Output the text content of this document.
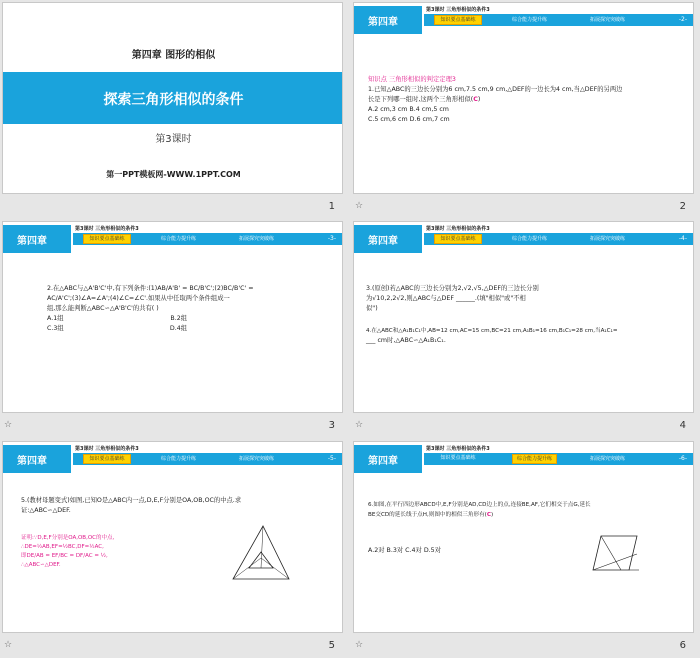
第四章 图形的相似
探索三角形相似的条件
第3课时
第一PPT模板网-WWW.1PPT.COM
1
第四章
第3课时 三角形相似的条件3
知识要点基础练	综合能力提升练	拓展探究突破练	-2-
知识点 三角形相似的判定定理3
1.已知△ABC的三边长分别为6 cm,7.5 cm,9 cm,△DEF的一边长为4 cm,当△DEF的另两边
长是下列哪一组时,这两个三角形相似(C)
A.2 cm,3 cm B.4 cm,5 cm
C.5 cm,6 cm D.6 cm,7 cm
☆	2
第四章
第3课时 三角形相似的条件3
知识要点基础练	综合能力提升练	拓展探究突破练	-3-
2.在△ABC与△A'B'C'中,有下列条件:(1)AB/A'B' = BC/B'C';(2)BC/B'C' =
AC/A'C';(3)∠A=∠A';(4)∠C=∠C'.如果从中任取两个条件组成一
组,那么能判断△ABC∽△A'B'C'的共有( )
A.1组	B.2组
C.3组	D.4组
☆	3
第四章
第3课时 三角形相似的条件3
知识要点基础练	综合能力提升练	拓展探究突破练	-4-
3.(原创)若△ABC的三边长分别为2,√2,√5,△DEF的三边长分别
为√10,2,2√2,则△ABC与△DEF ______.(填"相似"或"不相
似")
4.在△ABC和△A₁B₁C₁中,AB=12 cm,AC=15 cm,BC=21 cm,A₁B₁=16 cm,B₁C₁=28 cm,当A₁C₁=
___ cm时,△ABC∽△A₁B₁C₁.
☆	4
第四章
第3课时 三角形相似的条件3
知识要点基础练	综合能力提升练	拓展探究突破练	-5-
5.(教材母题变式)如图,已知O是△ABC内一点,D,E,F分别是OA,OB,OC的中点.求
证:△ABC∽△DEF.
证明:∵D,E,F分别是OA,OB,OC的中点,
∴DE=½AB,EF=½BC,DF=½AC,
即DE/AB = EF/BC = DF/AC = ½,
∴△ABC∽△DEF.
☆	5
第四章
第3课时 三角形相似的条件3
知识要点基础练	综合能力提升练	拓展探究突破练	-6-
6.如图,在平行四边形ABCD中,E,F分别是AD,CD边上的点,连接BE,AF,它们相交于点G,延长
BE交CD的延长线于点H,则图中的相似三角形有(C)
A.2对 B.3对 C.4对 D.5对
☆	6
